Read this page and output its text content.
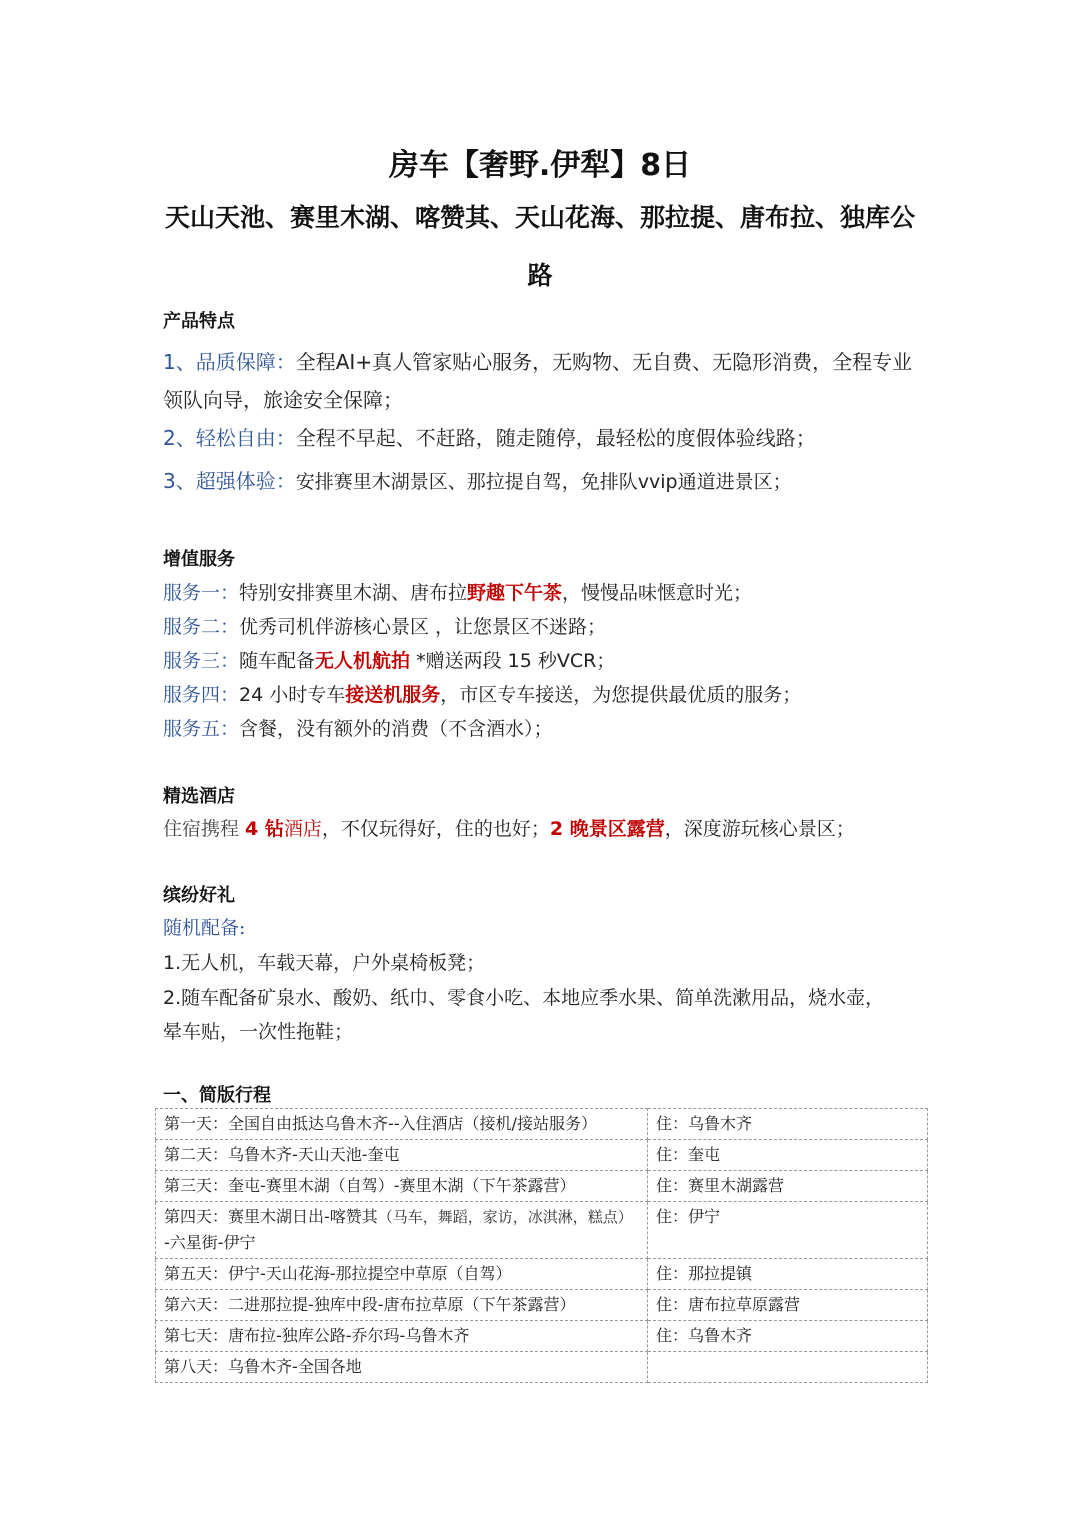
房车【奢野.伊犁】8日
天山天池、赛里木湖、喀赞其、天山花海、那拉提、唐布拉、独库公
路
产品特点
1、品质保障：全程AI+真人管家贴心服务，无购物、无自费、无隐形消费，全程专业
领队向导，旅途安全保障；
2、轻松自由：全程不早起、不赶路，随走随停，最轻松的度假体验线路；
3、超强体验：安排赛里木湖景区、那拉提自驾，免排队vvip通道进景区；
增值服务
服务一：特别安排赛里木湖、唐布拉野趣下午茶，慢慢品味惬意时光；
服务二：优秀司机伴游核心景区 ，让您景区不迷路；
服务三：随车配备无人机航拍 *赠送两段 15 秒VCR；
服务四：24 小时专车接送机服务，市区专车接送，为您提供最优质的服务；
服务五：含餐，没有额外的消费（不含酒水）；
精选酒店
住宿携程 4 钻酒店，不仅玩得好，住的也好；2 晚景区露营，深度游玩核心景区；
缤纷好礼
随机配备:
1.无人机，车载天幕，户外桌椅板凳；
2.随车配备矿泉水、酸奶、纸巾、零食小吃、本地应季水果、简单洗漱用品，烧水壶，
晕车贴，一次性拖鞋；
一、简版行程
第一天：全国自由抵达乌鲁木齐--入住酒店（接机/接站服务）	住：乌鲁木齐
第二天：乌鲁木齐-天山天池-奎屯	住：奎屯
第三天：奎屯-赛里木湖（自驾）-赛里木湖（下午茶露营）	住：赛里木湖露营
第四天：赛里木湖日出-喀赞其（马车，舞蹈，家访，冰淇淋，糕点）
-六星街-伊宁	住：伊宁
第五天：伊宁-天山花海-那拉提空中草原（自驾）	住：那拉提镇
第六天：二进那拉提-独库中段-唐布拉草原（下午茶露营）	住：唐布拉草原露营
第七天：唐布拉-独库公路-乔尔玛-乌鲁木齐	住：乌鲁木齐
第八天：乌鲁木齐-全国各地	
